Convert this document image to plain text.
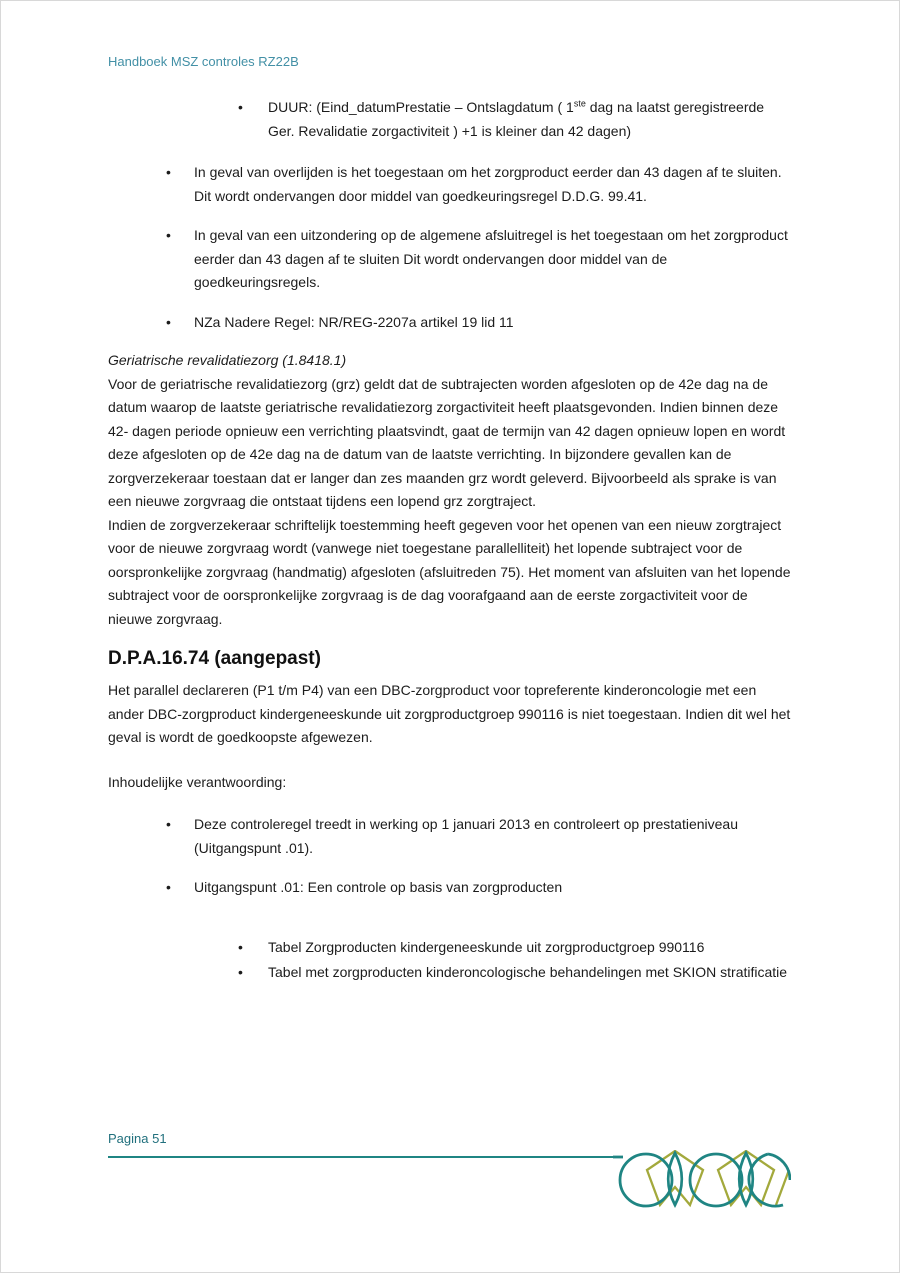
Handboek MSZ controles RZ22B
•	DUUR: (Eind_datumPrestatie – Ontslagdatum ( 1ste dag na laatst geregistreerde Ger. Revalidatie zorgactiviteit ) +1 is kleiner dan 42 dagen)
•	In geval van overlijden is het toegestaan om het zorgproduct eerder dan 43 dagen af te sluiten. Dit wordt ondervangen door middel van goedkeuringsregel D.D.G. 99.41.
•	In geval van een uitzondering op de algemene afsluitregel is het toegestaan om het zorgproduct eerder dan 43 dagen af te sluiten Dit wordt ondervangen door middel van de goedkeuringsregels.
•	NZa Nadere Regel: NR/REG-2207a artikel 19 lid 11
Geriatrische revalidatiezorg (1.8418.1)

Voor de geriatrische revalidatiezorg (grz) geldt dat de subtrajecten worden afgesloten op de 42e dag na de datum waarop de laatste geriatrische revalidatiezorg zorgactiviteit heeft plaatsgevonden. Indien binnen deze 42- dagen periode opnieuw een verrichting plaatsvindt, gaat de termijn van 42 dagen opnieuw lopen en wordt deze afgesloten op de 42e dag na de datum van de laatste verrichting. In bijzondere gevallen kan de zorgverzekeraar toestaan dat er langer dan zes maanden grz wordt geleverd. Bijvoorbeeld als sprake is van een nieuwe zorgvraag die ontstaat tijdens een lopend grz zorgtraject.

Indien de zorgverzekeraar schriftelijk toestemming heeft gegeven voor het openen van een nieuw zorgtraject voor de nieuwe zorgvraag wordt (vanwege niet toegestane parallelliteit) het lopende subtraject voor de oorspronkelijke zorgvraag (handmatig) afgesloten (afsluitreden 75). Het moment van afsluiten van het lopende subtraject voor de oorspronkelijke zorgvraag is de dag voorafgaand aan de eerste zorgactiviteit voor de nieuwe zorgvraag.

D.P.A.16.74 (aangepast)

Het parallel declareren (P1 t/m P4) van een DBC-zorgproduct voor topreferente kinderoncologie met een ander DBC-zorgproduct kindergeneeskunde uit zorgproductgroep 990116 is niet toegestaan. Indien dit wel het geval is wordt de goedkoopste afgewezen.

Inhoudelijke verantwoording:
•	Deze controleregel treedt in werking op 1 januari 2013 en controleert op prestatieniveau (Uitgangspunt .01).
•	Uitgangspunt .01: Een controle op basis van zorgproducten
•	Tabel Zorgproducten kindergeneeskunde uit zorgproductgroep 990116
•	Tabel met zorgproducten kinderoncologische behandelingen met SKION stratificatie
Pagina 51
